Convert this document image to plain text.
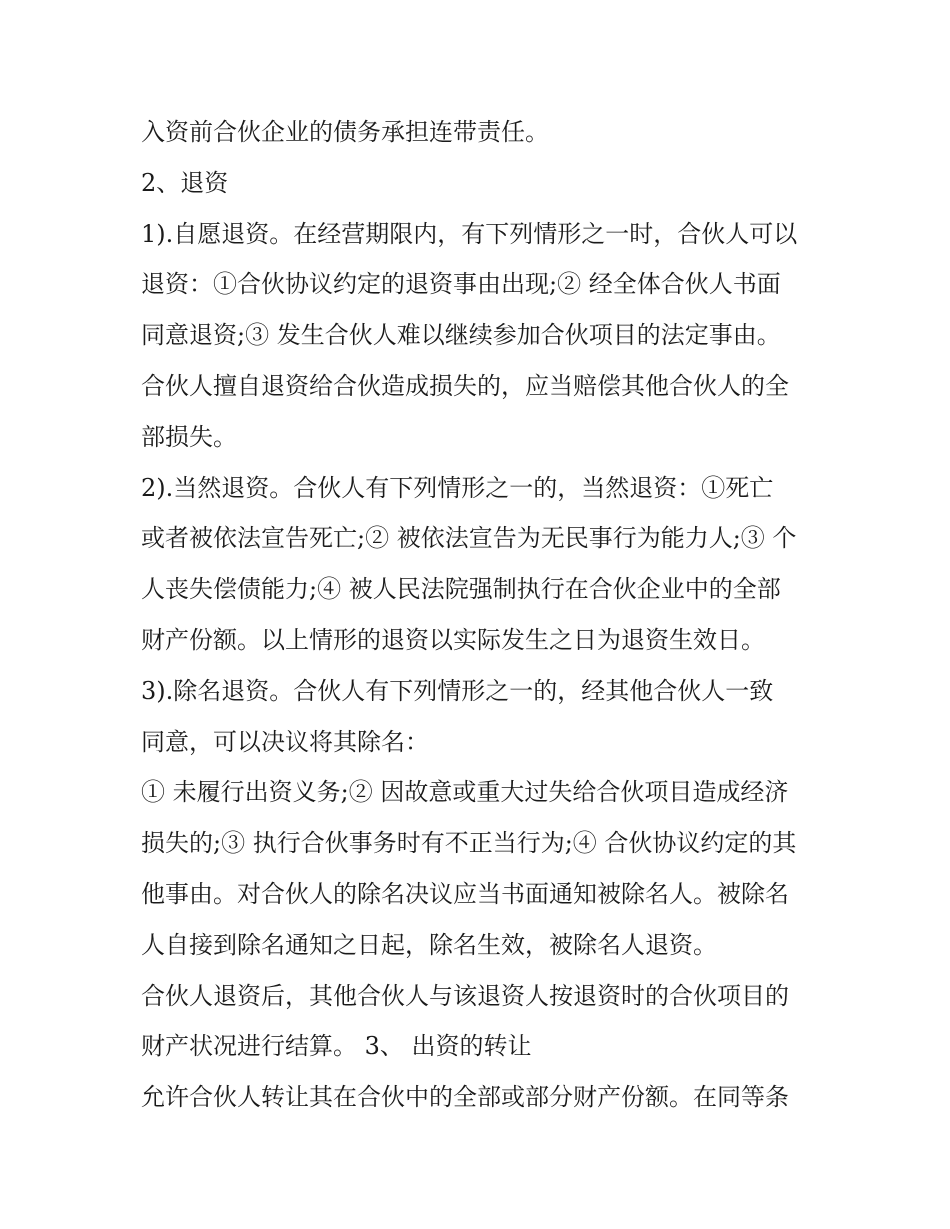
入资前合伙企业的债务承担连带责任。
2、退资
1).自愿退资。在经营期限内，有下列情形之一时，合伙人可以
退资：①合伙协议约定的退资事由出现;② 经全体合伙人书面
同意退资;③ 发生合伙人难以继续参加合伙项目的法定事由。
合伙人擅自退资给合伙造成损失的，应当赔偿其他合伙人的全
部损失。
2).当然退资。合伙人有下列情形之一的，当然退资：①死亡
或者被依法宣告死亡;② 被依法宣告为无民事行为能力人;③ 个
人丧失偿债能力;④ 被人民法院强制执行在合伙企业中的全部
财产份额。以上情形的退资以实际发生之日为退资生效日。
3).除名退资。合伙人有下列情形之一的，经其他合伙人一致
同意，可以决议将其除名：
① 未履行出资义务;② 因故意或重大过失给合伙项目造成经济
损失的;③ 执行合伙事务时有不正当行为;④ 合伙协议约定的其
他事由。对合伙人的除名决议应当书面通知被除名人。被除名
人自接到除名通知之日起，除名生效，被除名人退资。
合伙人退资后，其他合伙人与该退资人按退资时的合伙项目的
财产状况进行结算。 3、 出资的转让
允许合伙人转让其在合伙中的全部或部分财产份额。在同等条
